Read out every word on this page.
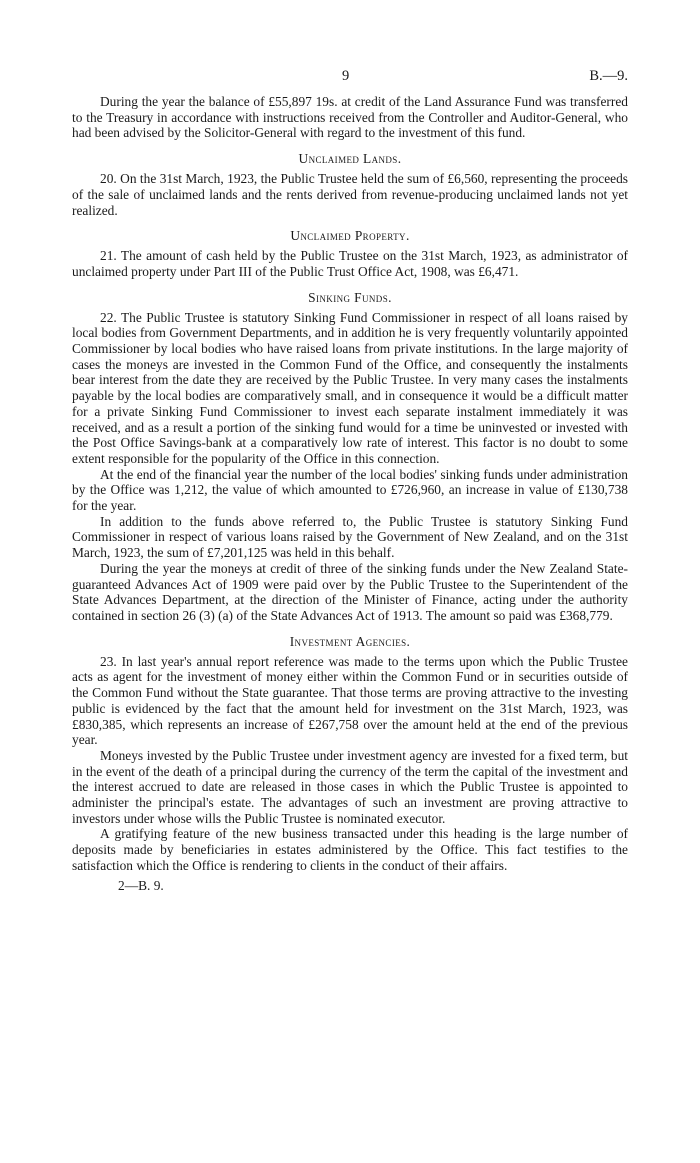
9	B.—9.

During the year the balance of £55,897 19s. at credit of the Land Assurance Fund was transferred to the Treasury in accordance with instructions received from the Controller and Auditor-General, who had been advised by the Solicitor-General with regard to the investment of this fund.

Unclaimed Lands.

20. On the 31st March, 1923, the Public Trustee held the sum of £6,560, representing the proceeds of the sale of unclaimed lands and the rents derived from revenue-producing unclaimed lands not yet realized.

Unclaimed Property.

21. The amount of cash held by the Public Trustee on the 31st March, 1923, as administrator of unclaimed property under Part III of the Public Trust Office Act, 1908, was £6,471.

Sinking Funds.

22. The Public Trustee is statutory Sinking Fund Commissioner in respect of all loans raised by local bodies from Government Departments, and in addition he is very frequently voluntarily appointed Commissioner by local bodies who have raised loans from private institutions. In the large majority of cases the moneys are invested in the Common Fund of the Office, and consequently the instalments bear interest from the date they are received by the Public Trustee. In very many cases the instalments payable by the local bodies are comparatively small, and in consequence it would be a difficult matter for a private Sinking Fund Commissioner to invest each separate instalment immediately it was received, and as a result a portion of the sinking fund would for a time be uninvested or invested with the Post Office Savings-bank at a comparatively low rate of interest. This factor is no doubt to some extent responsible for the popularity of the Office in this connection.

At the end of the financial year the number of the local bodies' sinking funds under administration by the Office was 1,212, the value of which amounted to £726,960, an increase in value of £130,738 for the year.

In addition to the funds above referred to, the Public Trustee is statutory Sinking Fund Commissioner in respect of various loans raised by the Government of New Zealand, and on the 31st March, 1923, the sum of £7,201,125 was held in this behalf.

During the year the moneys at credit of three of the sinking funds under the New Zealand State-guaranteed Advances Act of 1909 were paid over by the Public Trustee to the Superintendent of the State Advances Department, at the direction of the Minister of Finance, acting under the authority contained in section 26 (3) (a) of the State Advances Act of 1913. The amount so paid was £368,779.

Investment Agencies.

23. In last year's annual report reference was made to the terms upon which the Public Trustee acts as agent for the investment of money either within the Common Fund or in securities outside of the Common Fund without the State guarantee. That those terms are proving attractive to the investing public is evidenced by the fact that the amount held for investment on the 31st March, 1923, was £830,385, which represents an increase of £267,758 over the amount held at the end of the previous year.

Moneys invested by the Public Trustee under investment agency are invested for a fixed term, but in the event of the death of a principal during the currency of the term the capital of the investment and the interest accrued to date are released in those cases in which the Public Trustee is appointed to administer the principal's estate. The advantages of such an investment are proving attractive to investors under whose wills the Public Trustee is nominated executor.

A gratifying feature of the new business transacted under this heading is the large number of deposits made by beneficiaries in estates administered by the Office. This fact testifies to the satisfaction which the Office is rendering to clients in the conduct of their affairs.

2—B. 9.
